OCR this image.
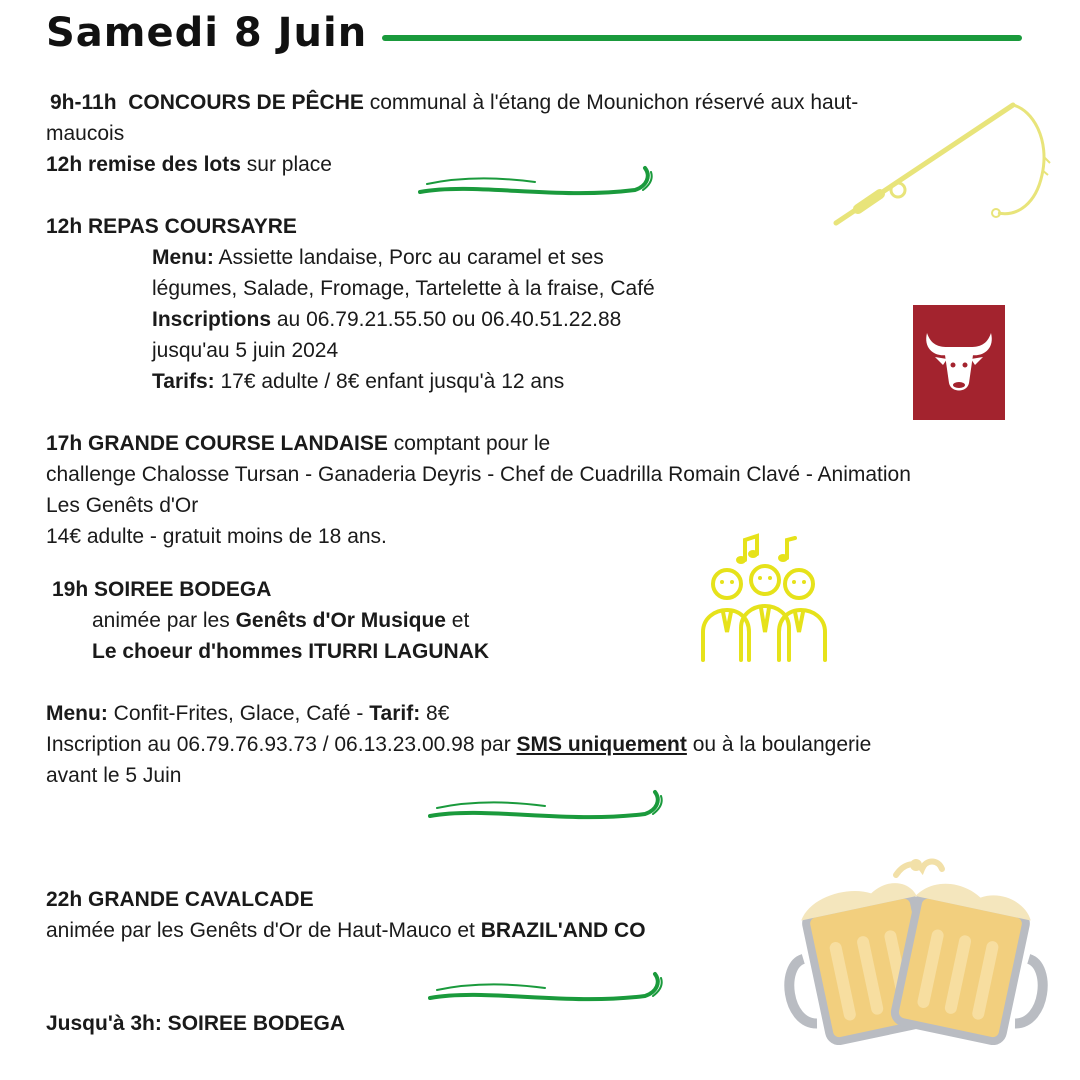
Samedi 8 Juin
9h-11h CONCOURS DE PÊCHE communal à l'étang de Mounichon réservé aux haut-
maucois
12h remise des lots sur place
12h REPAS COURSAYRE
Menu: Assiette landaise, Porc au caramel et ses
légumes, Salade, Fromage, Tartelette à la fraise, Café
Inscriptions au 06.79.21.55.50 ou 06.40.51.22.88
jusqu'au 5 juin 2024
Tarifs: 17€ adulte / 8€ enfant jusqu'à 12 ans
17h GRANDE COURSE LANDAISE comptant pour le
challenge Chalosse Tursan - Ganaderia Deyris - Chef de Cuadrilla Romain Clavé - Animation
Les Genêts d'Or
14€ adulte - gratuit moins de 18 ans.
19h SOIREE BODEGA
animée par les Genêts d'Or Musique et
Le choeur d'hommes ITURRI LAGUNAK
Menu: Confit-Frites, Glace, Café - Tarif: 8€
Inscription au 06.79.76.93.73 / 06.13.23.00.98 par SMS uniquement ou à la boulangerie
avant le 5 Juin
22h GRANDE CAVALCADE
animée par les Genêts d'Or de Haut-Mauco et BRAZIL'AND CO
Jusqu'à 3h: SOIREE BODEGA
